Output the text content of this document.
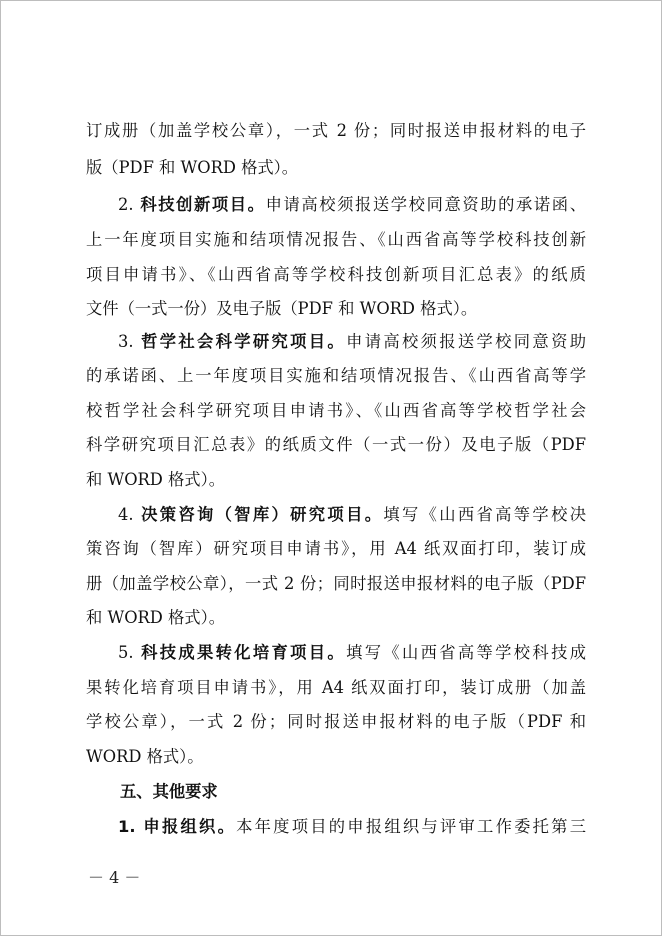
订成册（加盖学校公章），一式 2 份；同时报送申报材料的电子
版（PDF 和 WORD 格式）。
2. 科技创新项目。申请高校须报送学校同意资助的承诺函、
上一年度项目实施和结项情况报告、《山西省高等学校科技创新
项目申请书》、《山西省高等学校科技创新项目汇总表》的纸质
文件（一式一份）及电子版（PDF 和 WORD 格式）。
3. 哲学社会科学研究项目。申请高校须报送学校同意资助
的承诺函、上一年度项目实施和结项情况报告、《山西省高等学
校哲学社会科学研究项目申请书》、《山西省高等学校哲学社会
科学研究项目汇总表》的纸质文件（一式一份）及电子版（PDF
和 WORD 格式）。
4. 决策咨询（智库）研究项目。填写《山西省高等学校决
策咨询（智库）研究项目申请书》，用 A4 纸双面打印，装订成
册（加盖学校公章），一式 2 份；同时报送申报材料的电子版（PDF
和 WORD 格式）。
5. 科技成果转化培育项目。填写《山西省高等学校科技成
果转化培育项目申请书》，用 A4 纸双面打印，装订成册（加盖
学校公章），一式 2 份；同时报送申报材料的电子版（PDF 和
WORD 格式）。
五、其他要求
1. 申报组织。本年度项目的申报组织与评审工作委托第三
－ 4 －
